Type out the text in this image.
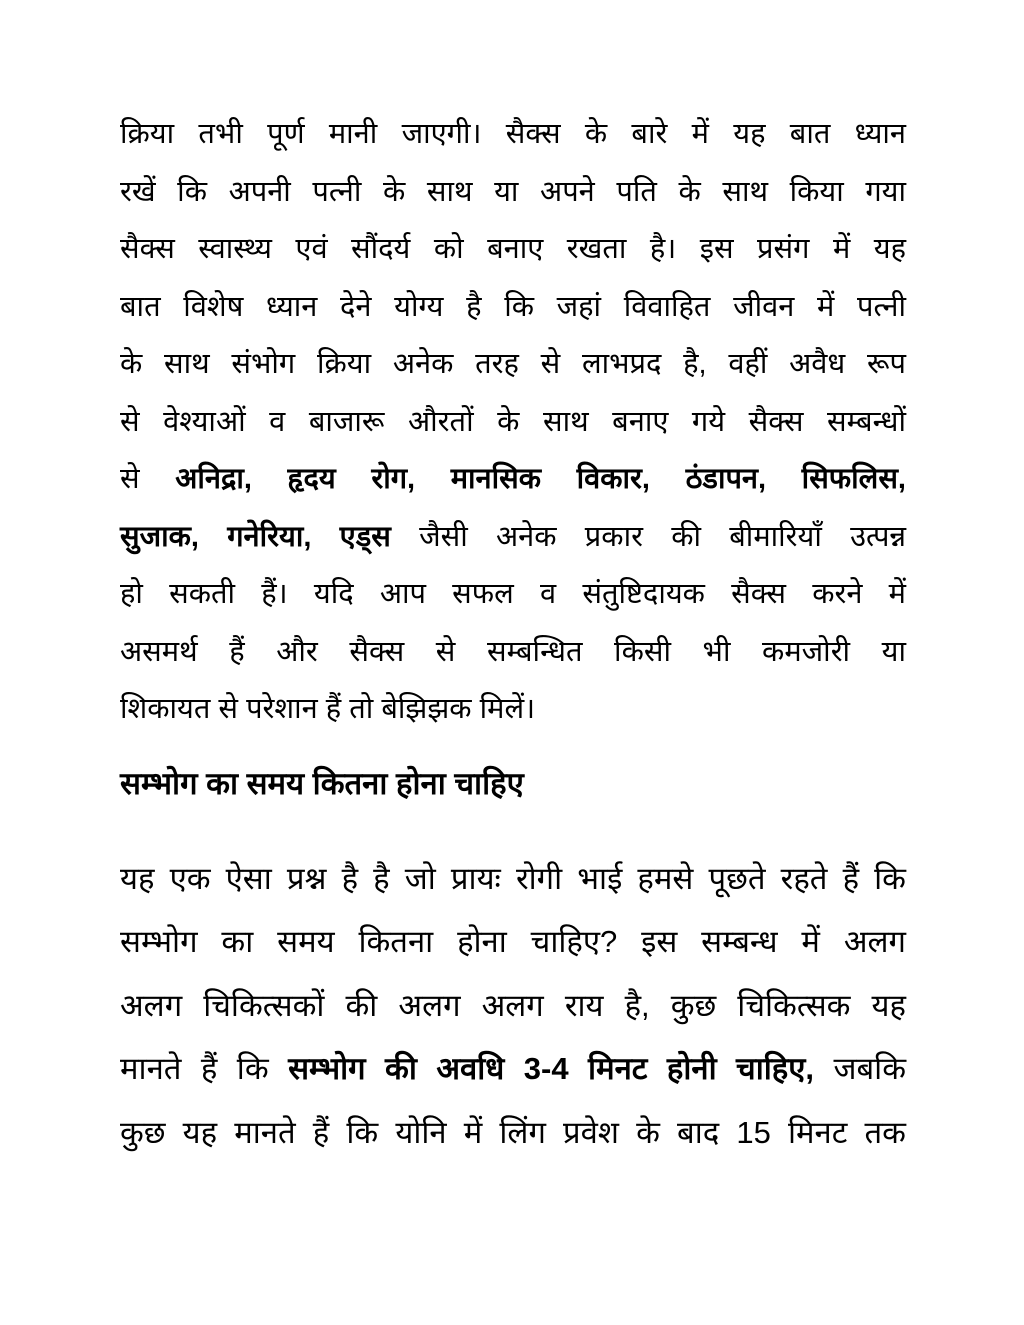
क्रिया तभी पूर्ण मानी जाएगी। सैक्स के बारे में यह बात ध्यान
रखें कि अपनी पत्नी के साथ या अपने पति के साथ किया गया
सैक्स स्वास्थ्य एवं सौंदर्य को बनाए रखता है। इस प्रसंग में यह
बात विशेष ध्यान देने योग्य है कि जहां विवाहित जीवन में पत्नी
के साथ संभोग क्रिया अनेक तरह से लाभप्रद है, वहीं अवैध रूप
से वेश्याओं व बाजारू औरतों के साथ बनाए गये सैक्स सम्बन्धों
से अनिद्रा, हृदय रोग, मानसिक विकार, ठंडापन, सिफलिस,
सुजाक, गनेरिया, एड्स जैसी अनेक प्रकार की बीमारियाँ उत्पन्न
हो सकती हैं। यदि आप सफल व संतुष्टिदायक सैक्स करने में
असमर्थ हैं और सैक्स से सम्बन्धित किसी भी कमजोरी या
शिकायत से परेशान हैं तो बेझिझक मिलें।
सम्भोग का समय कितना होना चाहिए
यह एक ऐसा प्रश्न है है जो प्रायः रोगी भाई हमसे पूछते रहते हैं कि
सम्भोग का समय कितना होना चाहिए? इस सम्बन्ध में अलग
अलग चिकित्सकों की अलग अलग राय है, कुछ चिकित्सक यह
मानते हैं कि सम्भोग की अवधि 3-4 मिनट होनी चाहिए, जबकि
कुछ यह मानते हैं कि योनि में लिंग प्रवेश के बाद 15 मिनट तक
